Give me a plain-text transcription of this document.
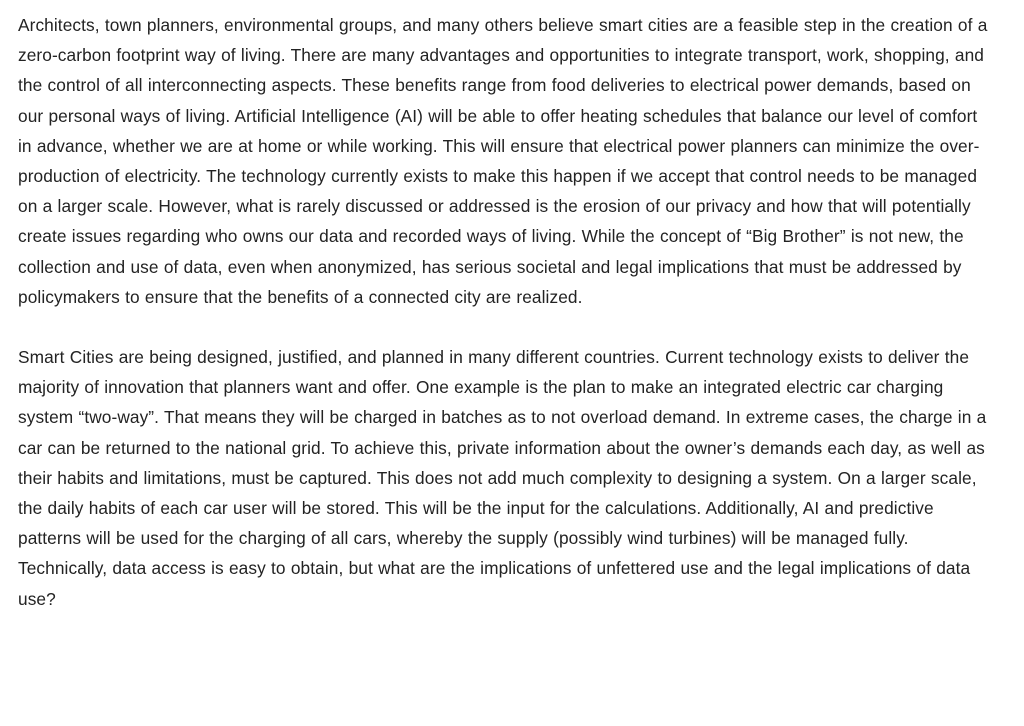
Architects, town planners, environmental groups, and many others believe smart cities are a feasible step in the creation of a zero-carbon footprint way of living. There are many advantages and opportunities to integrate transport, work, shopping, and the control of all interconnecting aspects. These benefits range from food deliveries to electrical power demands, based on our personal ways of living. Artificial Intelligence (AI) will be able to offer heating schedules that balance our level of comfort in advance, whether we are at home or while working. This will ensure that electrical power planners can minimize the over-production of electricity. The technology currently exists to make this happen if we accept that control needs to be managed on a larger scale. However, what is rarely discussed or addressed is the erosion of our privacy and how that will potentially create issues regarding who owns our data and recorded ways of living. While the concept of “Big Brother” is not new, the collection and use of data, even when anonymized, has serious societal and legal implications that must be addressed by policymakers to ensure that the benefits of a connected city are realized.

Smart Cities are being designed, justified, and planned in many different countries. Current technology exists to deliver the majority of innovation that planners want and offer. One example is the plan to make an integrated electric car charging system “two-way”. That means they will be charged in batches as to not overload demand. In extreme cases, the charge in a car can be returned to the national grid. To achieve this, private information about the owner’s demands each day, as well as their habits and limitations, must be captured. This does not add much complexity to designing a system. On a larger scale, the daily habits of each car user will be stored. This will be the input for the calculations. Additionally, AI and predictive patterns will be used for the charging of all cars, whereby the supply (possibly wind turbines) will be managed fully. Technically, data access is easy to obtain, but what are the implications of unfettered use and the legal implications of data use?
